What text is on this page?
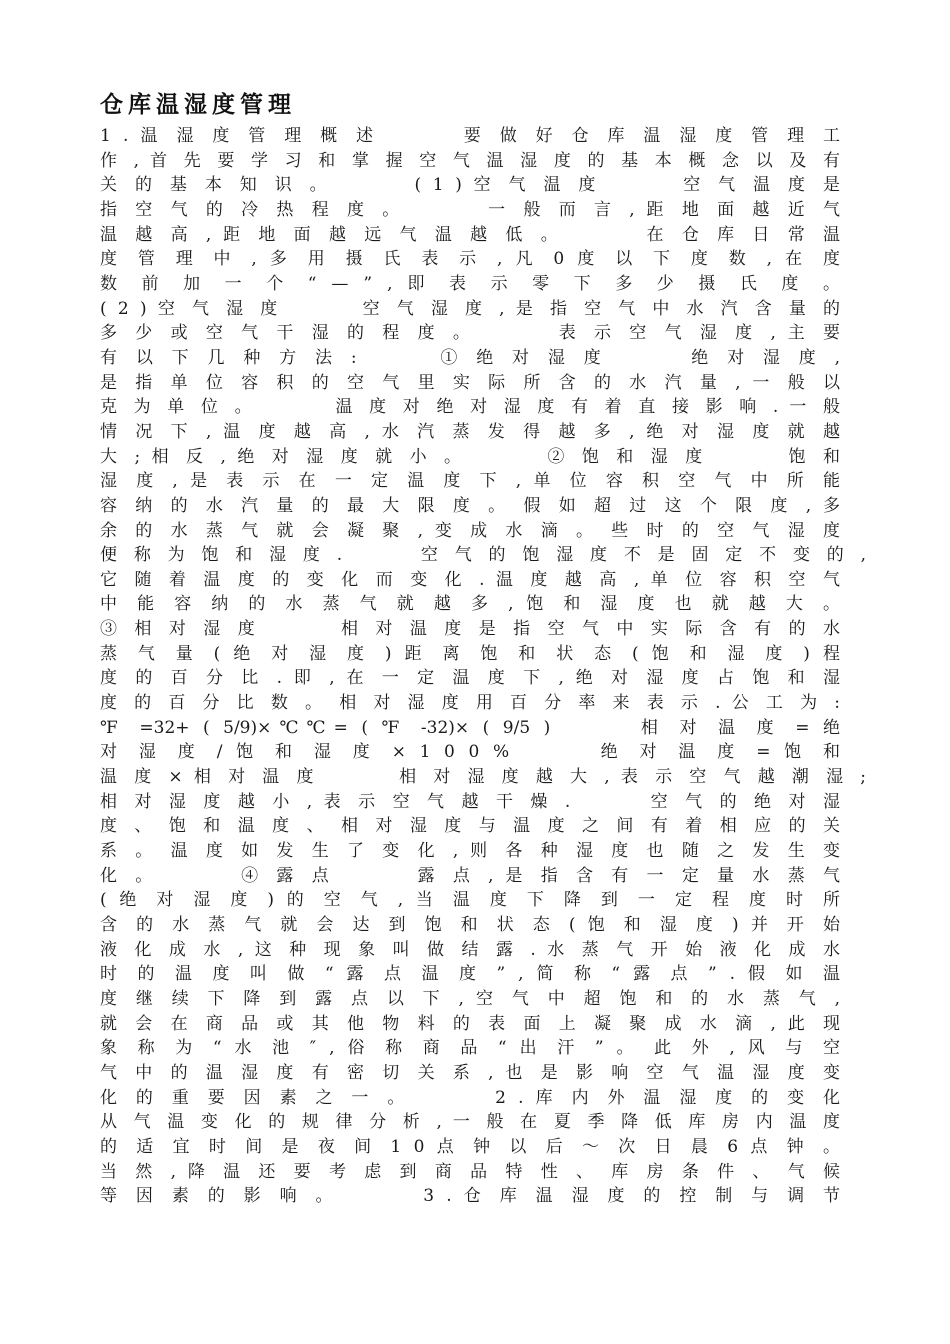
仓库温湿度管理
1 . 温 湿 度 管 理 概 述 　 　 要 做 好 仓 库 温 湿 度 管 理 工
作 , 首 先 要 学 习 和 掌 握 空 气 温 湿 度 的 基 本 概 念 以 及 有
关 的 基 本 知 识 。 　 　 ( 1 ) 空 气 温 度 　 　 空 气 温 度 是
指 空 气 的 冷 热 程 度 。 　 　 一 般 而 言 , 距 地 面 越 近 气
温 越 高 , 距 地 面 越 远 气 温 越 低 。 　 　 在 仓 库 日 常 温
度 管 理 中 , 多 用 摄 氏 表 示 , 凡 0 度 以 下 度 数 , 在 度
数 前 加 一 个 “ — ” , 即 表 示 零 下 多 少 摄 氏 度 。
( 2 ) 空 气 湿 度 　 　 空 气 湿 度 , 是 指 空 气 中 水 汽 含 量 的
多 少 或 空 气 干 湿 的 程 度 。 　 　 表 示 空 气 湿 度 , 主 要
有 以 下 几 种 方 法 : 　 　 ① 绝 对 湿 度 　 　 绝 对 湿 度 ,
是 指 单 位 容 积 的 空 气 里 实 际 所 含 的 水 汽 量 , 一 般 以
克 为 单 位 。 　 　 温 度 对 绝 对 湿 度 有 着 直 接 影 响 . 一 般
情 况 下 , 温 度 越 高 , 水 汽 蒸 发 得 越 多 , 绝 对 湿 度 就 越
大 ; 相 反 , 绝 对 湿 度 就 小 。 　 　 ② 饱 和 湿 度 　 　 饱 和
湿 度 , 是 表 示 在 一 定 温 度 下 , 单 位 容 积 空 气 中 所 能
容 纳 的 水 汽 量 的 最 大 限 度 。 假 如 超 过 这 个 限 度 , 多
余 的 水 蒸 气 就 会 凝 聚 , 变 成 水 滴 。 些 时 的 空 气 湿 度
便 称 为 饱 和 湿 度 . 　 　 空 气 的 饱 湿 度 不 是 固 定 不 变 的 ,
它 随 着 温 度 的 变 化 而 变 化 . 温 度 越 高 , 单 位 容 积 空 气
中 能 容 纳 的 水 蒸 气 就 越 多 , 饱 和 湿 度 也 就 越 大 。
③ 相 对 湿 度 　 　 相 对 温 度 是 指 空 气 中 实 际 含 有 的 水
蒸 气 量 ( 绝 对 湿 度 ) 距 离 饱 和 状 态 ( 饱 和 湿 度 ) 程
度 的 百 分 比 . 即 , 在 一 定 温 度 下 , 绝 对 湿 度 占 饱 和 湿
度 的 百 分 比 数 。 相 对 湿 度 用 百 分 率 来 表 示 . 公 工 为 :
℉ =32+ ( 5/9)×℃℃= ( ℉ -32)× ( 9/5 ) 　 　 相 对 温 度 = 绝
对 湿 度 / 饱 和 湿 度 × 1 0 0 % 　 　 绝 对 温 度 = 饱 和
温 度 × 相 对 温 度 　 　 相 对 湿 度 越 大 , 表 示 空 气 越 潮 湿 ;
相 对 湿 度 越 小 , 表 示 空 气 越 干 燥 . 　 　 空 气 的 绝 对 湿
度 、 饱 和 温 度 、 相 对 湿 度 与 温 度 之 间 有 着 相 应 的 关
系 。 温 度 如 发 生 了 变 化 , 则 各 种 湿 度 也 随 之 发 生 变
化 。 　 　 ④ 露 点 　 　 露 点 , 是 指 含 有 一 定 量 水 蒸 气
( 绝 对 湿 度 ) 的 空 气 , 当 温 度 下 降 到 一 定 程 度 时 所
含 的 水 蒸 气 就 会 达 到 饱 和 状 态 ( 饱 和 湿 度 ) 并 开 始
液 化 成 水 , 这 种 现 象 叫 做 结 露 . 水 蒸 气 开 始 液 化 成 水
时 的 温 度 叫 做 “ 露 点 温 度 ” , 简 称 “ 露 点 ” . 假 如 温
度 继 续 下 降 到 露 点 以 下 , 空 气 中 超 饱 和 的 水 蒸 气 ,
就 会 在 商 品 或 其 他 物 料 的 表 面 上 凝 聚 成 水 滴 , 此 现
象 称 为 “ 水 池 ″ , 俗 称 商 品 “ 出 汗 ” 。 此 外 , 风 与 空
气 中 的 温 湿 度 有 密 切 关 系 , 也 是 影 响 空 气 温 湿 度 变
化 的 重 要 因 素 之 一 。 　 　 2 . 库 内 外 温 湿 度 的 变 化
从 气 温 变 化 的 规 律 分 析 , 一 般 在 夏 季 降 低 库 房 内 温 度
的 适 宜 时 间 是 夜 间 1 0 点 钟 以 后 ～ 次 日 晨 6 点 钟 。
当 然 , 降 温 还 要 考 虑 到 商 品 特 性 、 库 房 条 件 、 气 候
等 因 素 的 影 响 。 　 　 3 . 仓 库 温 湿 度 的 控 制 与 调 节
